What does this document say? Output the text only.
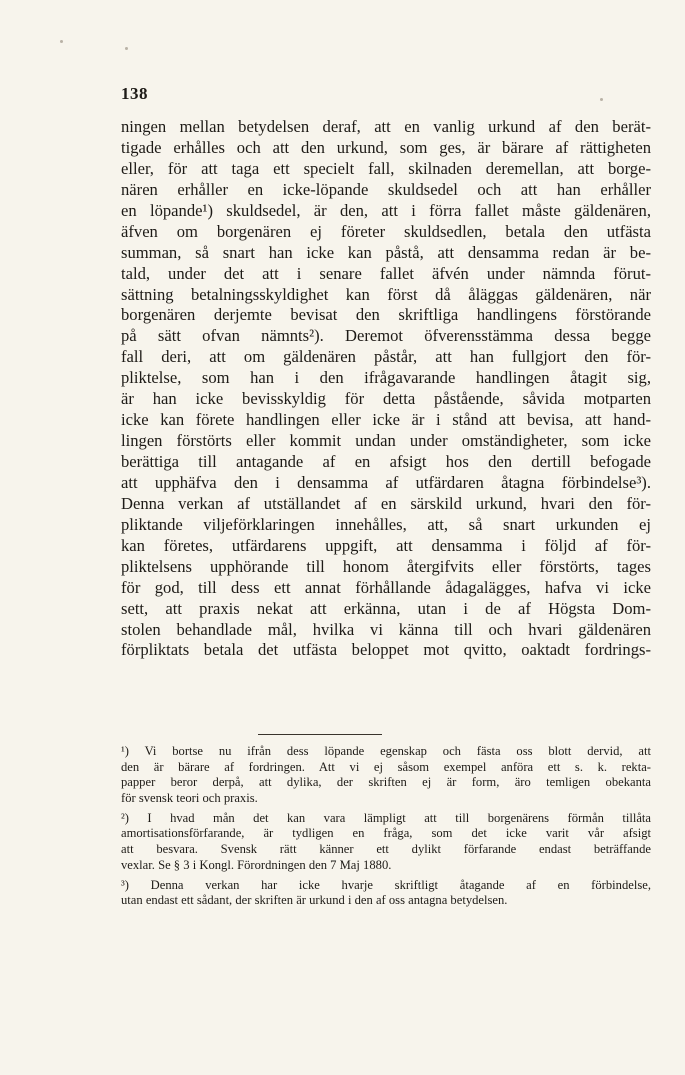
138
ningen mellan betydelsen deraf, att en vanlig urkund af den berät-
tigade erhålles och att den urkund, som ges, är bärare af rättigheten
eller, för att taga ett specielt fall, skilnaden deremellan, att borge-
nären erhåller en icke-löpande skuldsedel och att han erhåller
en löpande¹) skuldsedel, är den, att i förra fallet måste gäldenären,
äfven om borgenären ej företer skuldsedlen, betala den utfästa
summan, så snart han icke kan påstå, att densamma redan är be-
tald, under det att i senare fallet äfvén under nämnda förut-
sättning betalningsskyldighet kan först då åläggas gäldenären, när
borgenären derjemte bevisat den skriftliga handlingens förstörande
på sätt ofvan nämnts²). Deremot öfverensstämma dessa begge
fall deri, att om gäldenären påstår, att han fullgjort den för-
pliktelse, som han i den ifrågavarande handlingen åtagit sig,
är han icke bevisskyldig för detta påstående, såvida motparten
icke kan förete handlingen eller icke är i stånd att bevisa, att hand-
lingen förstörts eller kommit undan under omständigheter, som icke
berättiga till antagande af en afsigt hos den dertill befogade
att upphäfva den i densamma af utfärdaren åtagna förbindelse³).
Denna verkan af utställandet af en särskild urkund, hvari den för-
pliktande viljeförklaringen innehålles, att, så snart urkunden ej
kan företes, utfärdarens uppgift, att densamma i följd af för-
pliktelsens upphörande till honom återgifvits eller förstörts, tages
för god, till dess ett annat förhållande ådagalägges, hafva vi icke
sett, att praxis nekat att erkänna, utan i de af Högsta Dom-
stolen behandlade mål, hvilka vi känna till och hvari gäldenären
förpliktats betala det utfästa beloppet mot qvitto, oaktadt fordrings-
¹) Vi bortse nu ifrån dess löpande egenskap och fästa oss blott dervid, att
den är bärare af fordringen. Att vi ej såsom exempel anföra ett s. k. rekta-
papper beror derpå, att dylika, der skriften ej är form, äro temligen obekanta
för svensk teori och praxis.
²) I hvad mån det kan vara lämpligt att till borgenärens förmån tillåta
amortisationsförfarande, är tydligen en fråga, som det icke varit vår afsigt
att besvara. Svensk rätt känner ett dylikt förfarande endast beträffande
vexlar. Se § 3 i Kongl. Förordningen den 7 Maj 1880.
³) Denna verkan har icke hvarje skriftligt åtagande af en förbindelse,
utan endast ett sådant, der skriften är urkund i den af oss antagna betydelsen.
